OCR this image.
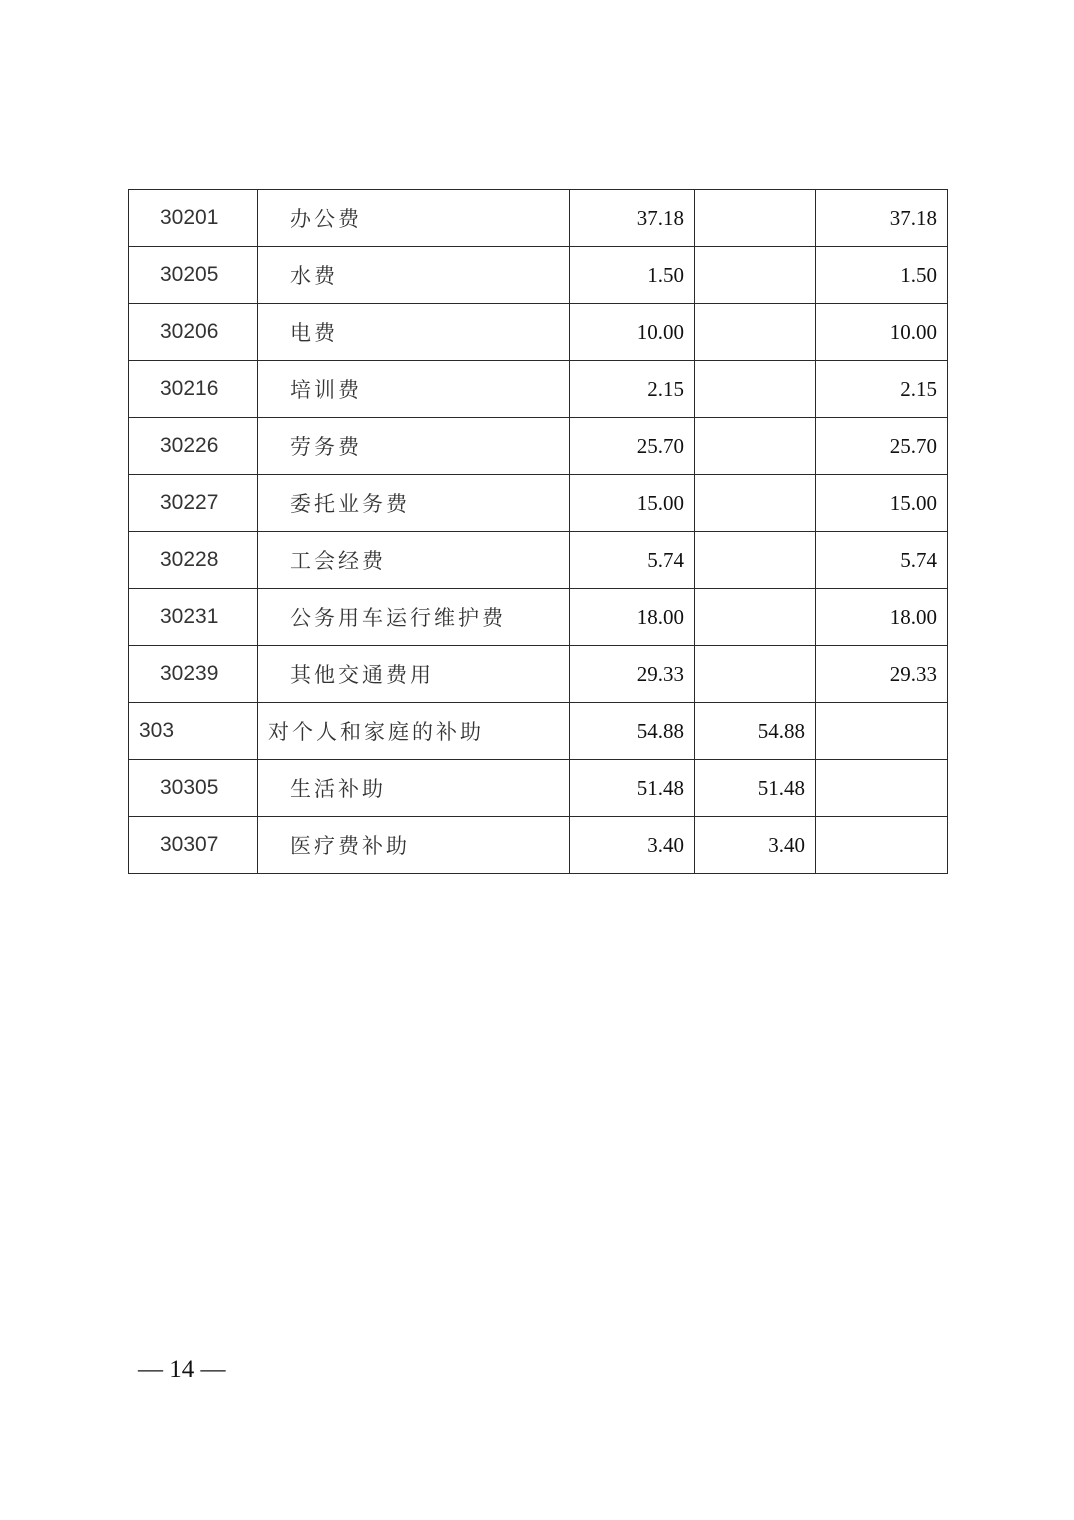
30201	办公费	37.18		37.18
30205	水费	1.50		1.50
30206	电费	10.00		10.00
30216	培训费	2.15		2.15
30226	劳务费	25.70		25.70
30227	委托业务费	15.00		15.00
30228	工会经费	5.74		5.74
30231	公务用车运行维护费	18.00		18.00
30239	其他交通费用	29.33		29.33
303	对个人和家庭的补助	54.88	54.88	
30305	生活补助	51.48	51.48	
30307	医疗费补助	3.40	3.40	
— 14 —
